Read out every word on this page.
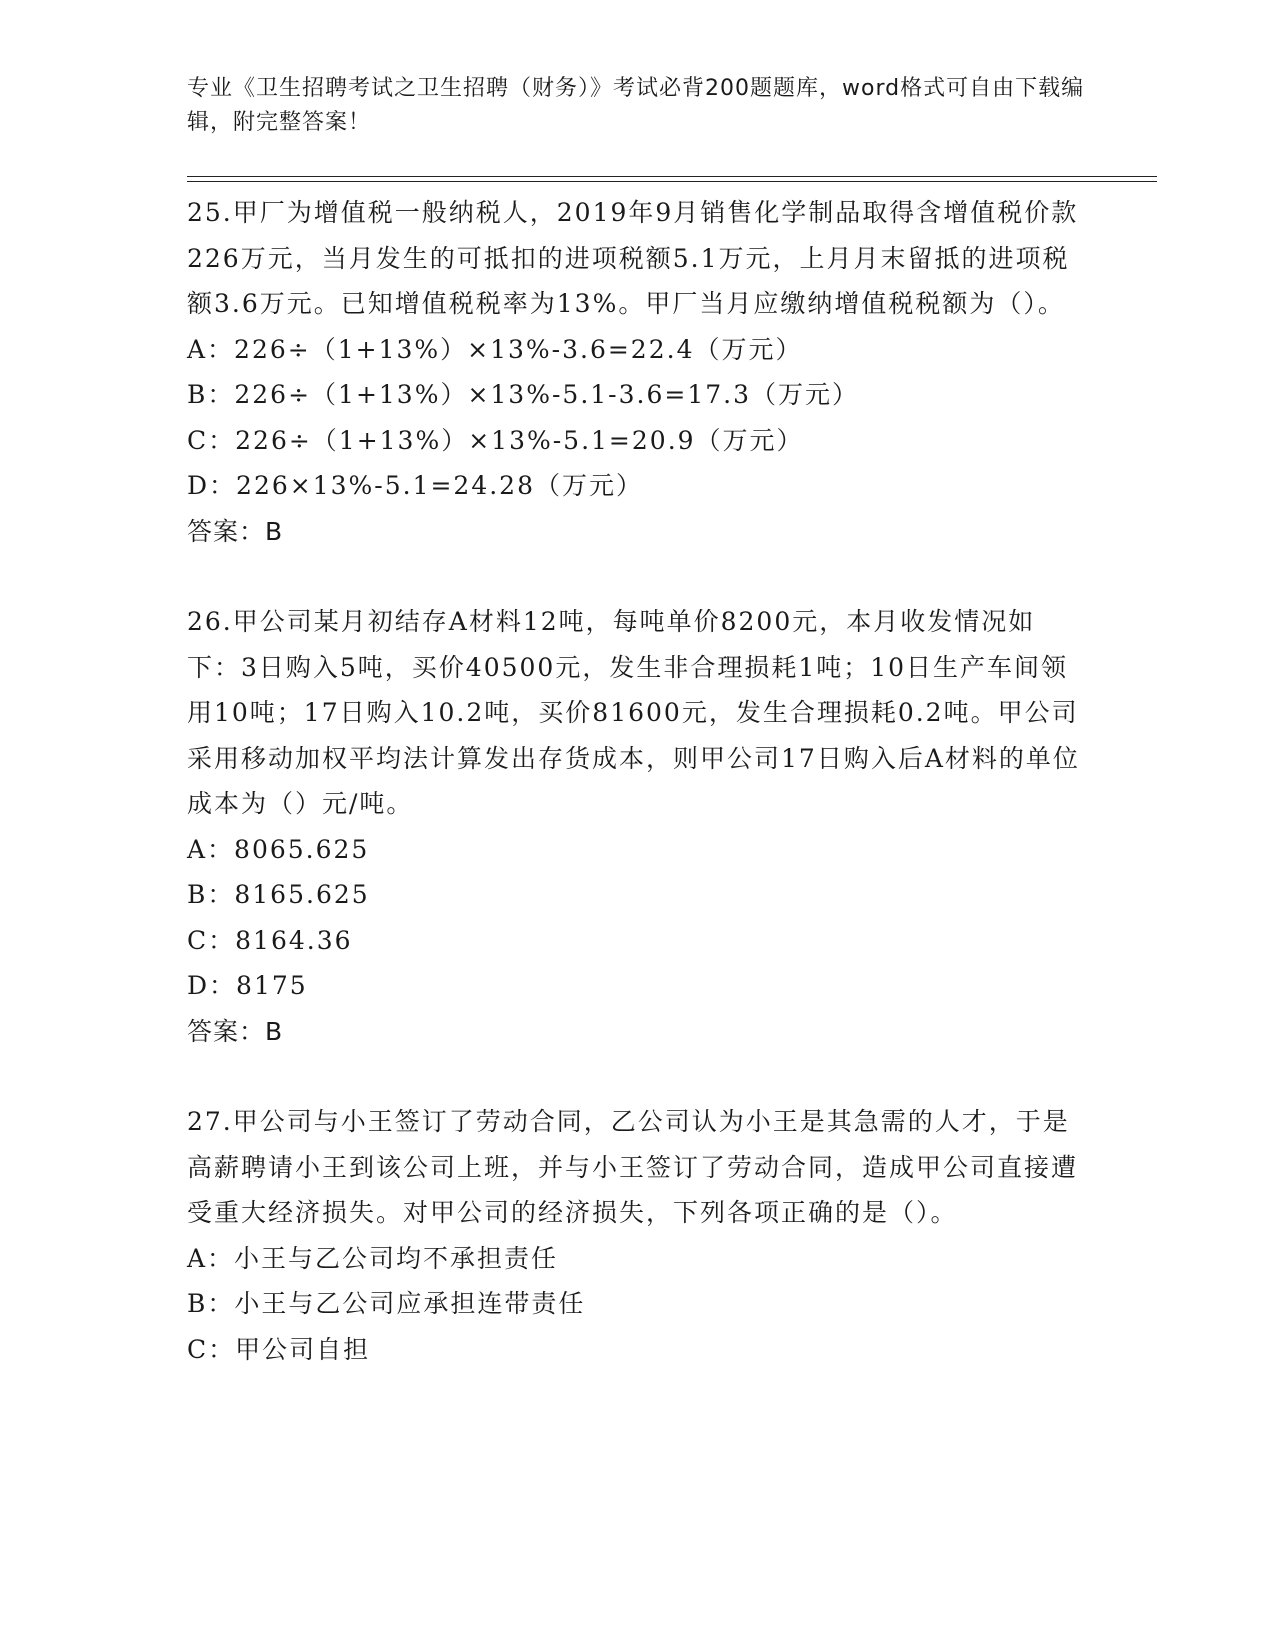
专业《卫生招聘考试之卫生招聘（财务）》考试必背200题题库，word格式可自由下载编辑，附完整答案！

25.甲厂为增值税一般纳税人，2019年9月销售化学制品取得含增值税价款226万元，当月发生的可抵扣的进项税额5.1万元，上月月末留抵的进项税额3.6万元。已知增值税税率为13%。甲厂当月应缴纳增值税税额为（）。

A：226÷（1+13%）×13%-3.6=22.4（万元）

B：226÷（1+13%）×13%-5.1-3.6=17.3（万元）

C：226÷（1+13%）×13%-5.1=20.9（万元）

D：226×13%-5.1=24.28（万元）

答案：B

26.甲公司某月初结存A材料12吨，每吨单价8200元，本月收发情况如下：3日购入5吨，买价40500元，发生非合理损耗1吨；10日生产车间领用10吨；17日购入10.2吨，买价81600元，发生合理损耗0.2吨。甲公司采用移动加权平均法计算发出存货成本，则甲公司17日购入后A材料的单位成本为（）元/吨。

A：8065.625

B：8165.625

C：8164.36

D：8175

答案：B

27.甲公司与小王签订了劳动合同，乙公司认为小王是其急需的人才，于是高薪聘请小王到该公司上班，并与小王签订了劳动合同，造成甲公司直接遭受重大经济损失。对甲公司的经济损失，下列各项正确的是（）。

A：小王与乙公司均不承担责任

B：小王与乙公司应承担连带责任

C：甲公司自担
